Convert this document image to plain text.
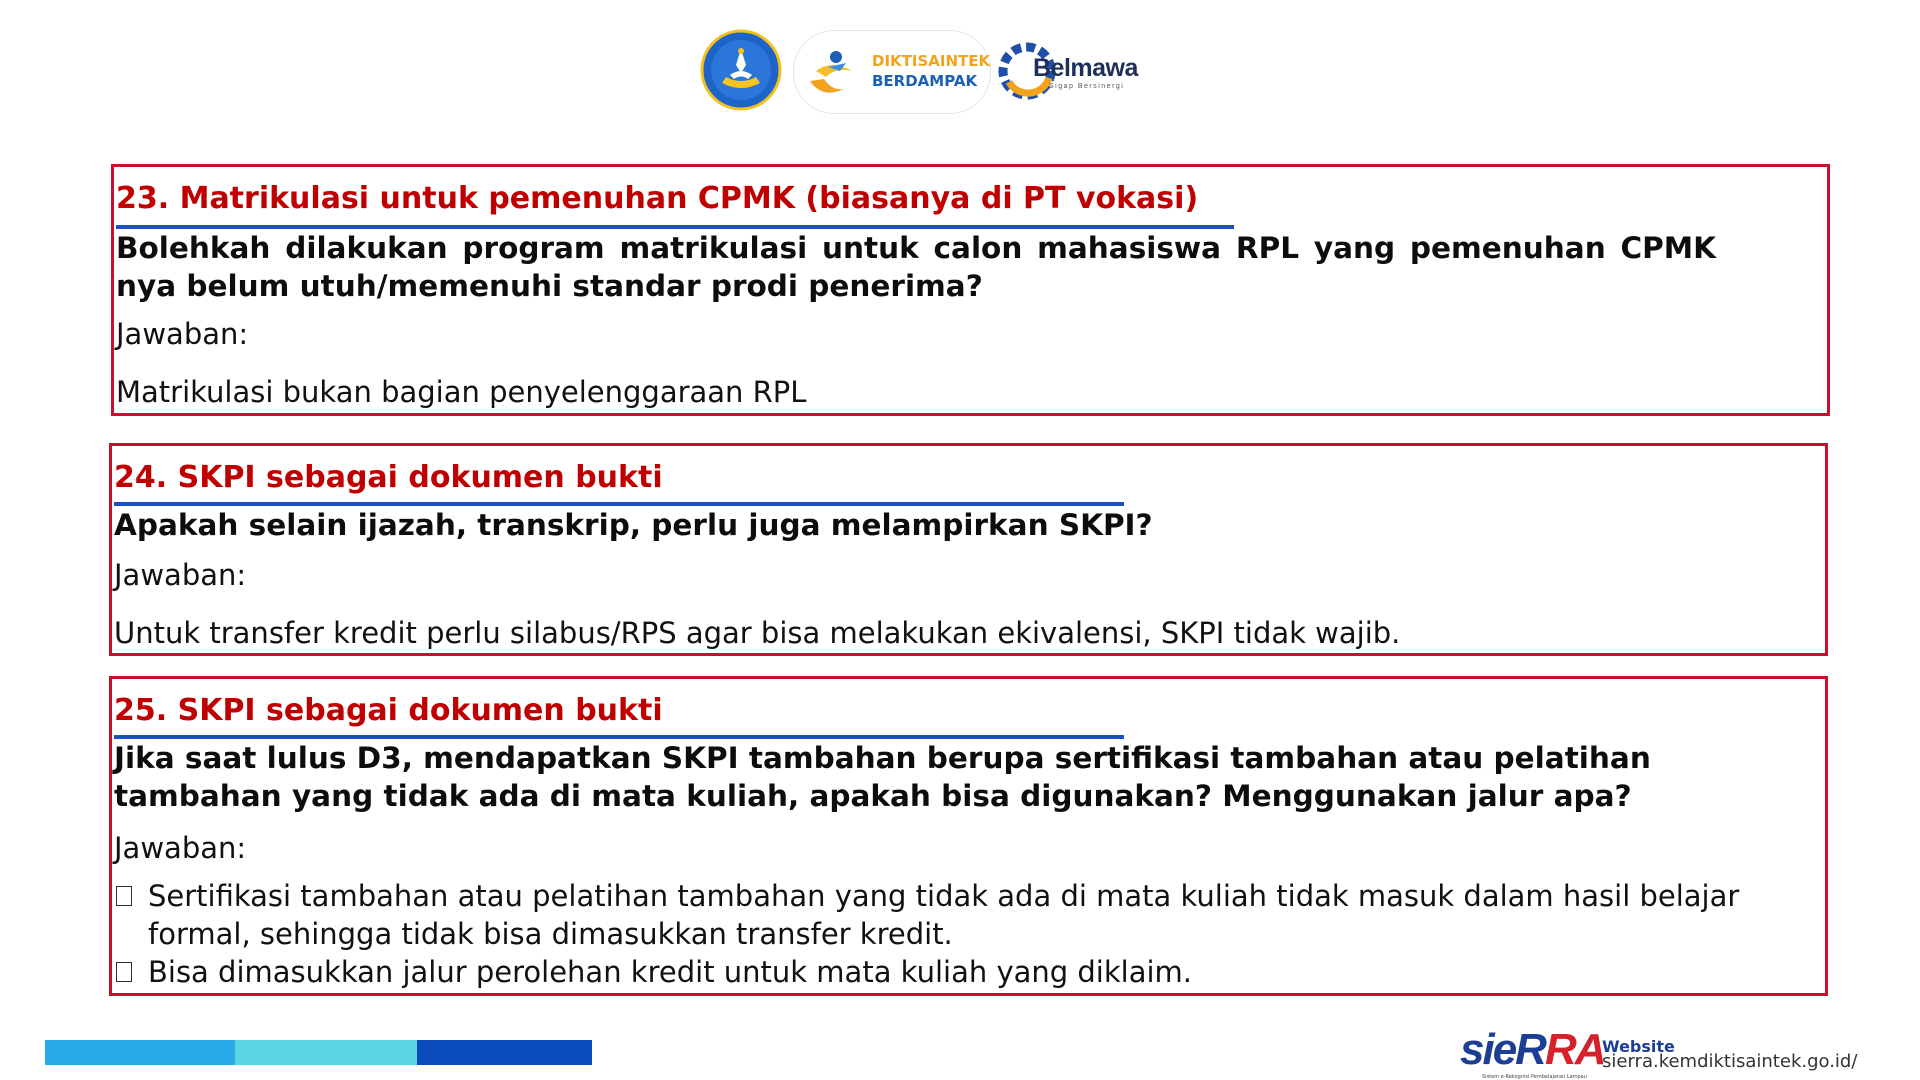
DIKTISAINTEK
BERDAMPAK	Belmawa
Sigap Bersinergi
23. Matrikulasi untuk pemenuhan CPMK (biasanya di PT vokasi)
Bolehkah dilakukan program matrikulasi untuk calon mahasiswa RPL yang pemenuhan CPMK nya belum utuh/memenuhi standar prodi penerima?
Jawaban:
Matrikulasi bukan bagian penyelenggaraan RPL
24. SKPI sebagai dokumen bukti
Apakah selain ijazah, transkrip, perlu juga melampirkan SKPI?
Jawaban:
Untuk transfer kredit perlu silabus/RPS agar bisa melakukan ekivalensi, SKPI tidak wajib.
25. SKPI sebagai dokumen bukti
Jika saat lulus D3, mendapatkan SKPI tambahan berupa sertifikasi tambahan atau pelatihan
tambahan yang tidak ada di mata kuliah, apakah bisa digunakan? Menggunakan jalur apa?
Jawaban:
Sertifikasi tambahan atau pelatihan tambahan yang tidak ada di mata kuliah tidak masuk dalam hasil belajar formal, sehingga tidak bisa dimasukkan transfer kredit.
Bisa dimasukkan jalur perolehan kredit untuk mata kuliah yang diklaim.
sieRRA
Sistem e-Rekognisi Pembelajaran Lampau
Website
sierra.kemdiktisaintek.go.id/
